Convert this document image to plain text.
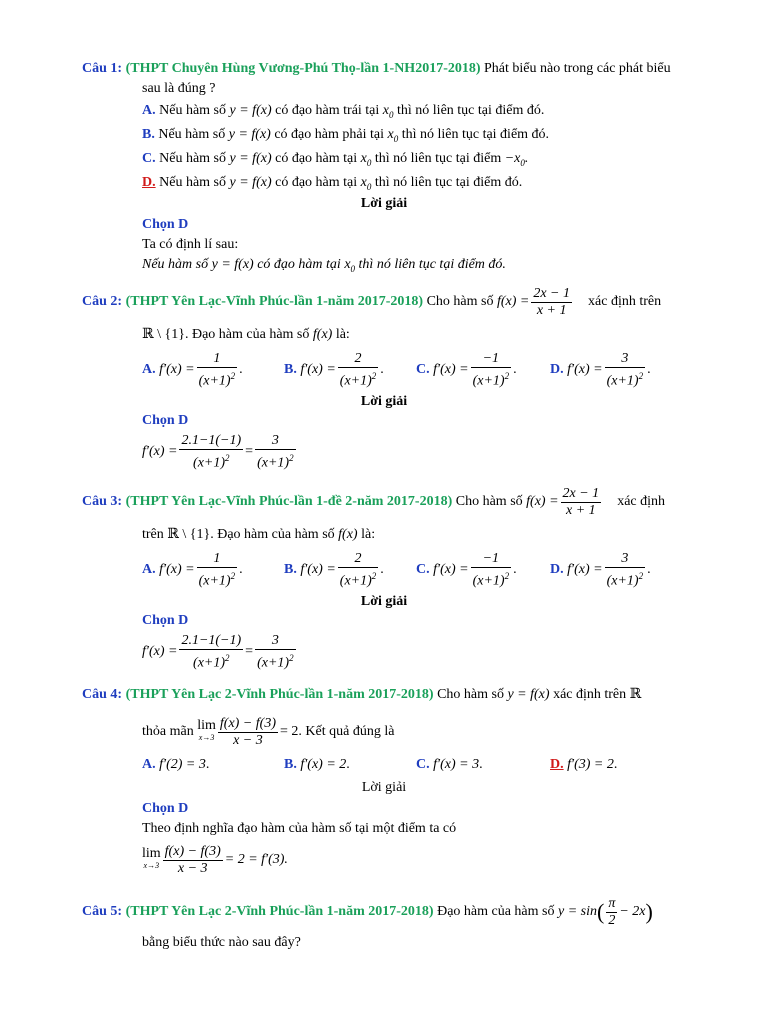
Câu 1: (THPT Chuyên Hùng Vương-Phú Thọ-lần 1-NH2017-2018) Phát biểu nào trong các phát biểu
sau là đúng ?
A. Nếu hàm số y = f(x) có đạo hàm trái tại $x_0$ thì nó liên tục tại điểm đó.
B. Nếu hàm số y = f(x) có đạo hàm phải tại $x_0$ thì nó liên tục tại điểm đó.
C. Nếu hàm số y = f(x) có đạo hàm tại $x_0$ thì nó liên tục tại điểm $-x_0$.
D. Nếu hàm số y = f(x) có đạo hàm tại $x_0$ thì nó liên tục tại điểm đó.
Lời giải
Chọn D
Ta có định lí sau:
Nếu hàm số y = f(x) có đạo hàm tại $x_0$ thì nó liên tục tại điểm đó.
Câu 2:
(THPT Yên Lạc-Vĩnh Phúc-lần 1-năm 2017-2018)
Cho hàm số
$f(x) = \frac{2x - 1}{x + 1}$ xác định trên
ℝ \ {1}. Đạo hàm của hàm số f(x) là:
A.
$f'(x) = \frac{1}{(x+1)^2}$ .	B.
$f'(x) = \frac{2}{(x+1)^2}$ . C.
$f'(x) = \frac{-1}{(x+1)^2}$ . D.
$f'(x) = \frac{3}{(x+1)^2}$ .
Lời giải
Chọn D
$f'(x) = \frac{2.1-1(-1)}{(x+1)^2} = \frac{3}{(x+1)^2}$
Câu 3:
(THPT Yên Lạc-Vĩnh Phúc-lần 1-đề 2-năm 2017-2018)
Cho hàm số
$f(x) = \frac{2x - 1}{x + 1}$ xác định
trên ℝ \ {1}. Đạo hàm của hàm số f(x) là:
A.
$f'(x) = \frac{1}{(x+1)^2}$ .	B.
$f'(x) = \frac{2}{(x+1)^2}$ . C.
$f'(x) = \frac{-1}{(x+1)^2}$ . D.
$f'(x) = \frac{3}{(x+1)^2}$ .
Lời giải
Chọn D
$f'(x) = \frac{2.1-1(-1)}{(x+1)^2} = \frac{3}{(x+1)^2}$
Câu 4: (THPT Yên Lạc 2-Vĩnh Phúc-lần 1-năm 2017-2018) Cho hàm số y = f(x) xác định trên ℝ
thỏa mãn
lim
$x\to 3 \frac{f(x) - f(3)}{x - 3} = 2$ . Kết quả đúng là
A. f′(2) = 3.	B. f′(x) = 2.	C. f′(x) = 3.	D. f′(3) = 2.
Lời giải
Chọn D
Theo định nghĩa đạo hàm của hàm số tại một điểm ta có
lim
$x\to 3 \frac{f(x) - f(3)}{x - 3} = 2 = f'(3)$.
Câu 5:
(THPT Yên Lạc 2-Vĩnh Phúc-lần 1-năm 2017-2018)
Đạo hàm của hàm số
y = sin ( $\frac{\pi}{2} - 2x$ )
bằng biểu thức nào sau đây?
